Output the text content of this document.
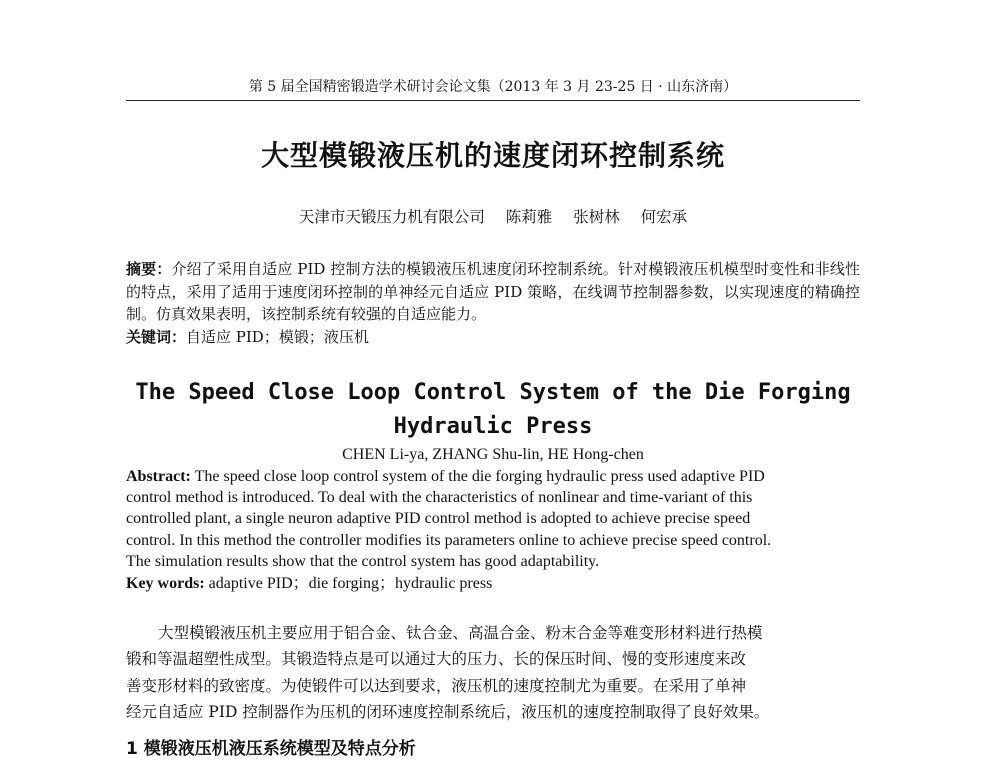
第 5 届全国精密锻造学术研讨会论文集（2013 年 3 月 23-25 日 · 山东济南）
大型模锻液压机的速度闭环控制系统
天津市天锻压力机有限公司 陈莉雅 张树林 何宏承
摘要：介绍了采用自适应 PID 控制方法的模锻液压机速度闭环控制系统。针对模锻液压机模型时变性和非线性的特点，采用了适用于速度闭环控制的单神经元自适应 PID 策略，在线调节控制器参数，以实现速度的精确控制。仿真效果表明，该控制系统有较强的自适应能力。
关键词：自适应 PID；模锻；液压机
The Speed Close Loop Control System of the Die Forging
Hydraulic Press
CHEN Li-ya, ZHANG Shu-lin, HE Hong-chen
Abstract: The speed close loop control system of the die forging hydraulic press used adaptive PID
control method is introduced. To deal with the characteristics of nonlinear and time-variant of this
controlled plant, a single neuron adaptive PID control method is adopted to achieve precise speed
control. In this method the controller modifies its parameters online to achieve precise speed control.
The simulation results show that the control system has good adaptability.
Key words: adaptive PID；die forging；hydraulic press
大型模锻液压机主要应用于铝合金、钛合金、高温合金、粉末合金等难变形材料进行热模
锻和等温超塑性成型。其锻造特点是可以通过大的压力、长的保压时间、慢的变形速度来改
善变形材料的致密度。为使锻件可以达到要求，液压机的速度控制尤为重要。在采用了单神
经元自适应 PID 控制器作为压机的闭环速度控制系统后，液压机的速度控制取得了良好效果。
1 模锻液压机液压系统模型及特点分析
